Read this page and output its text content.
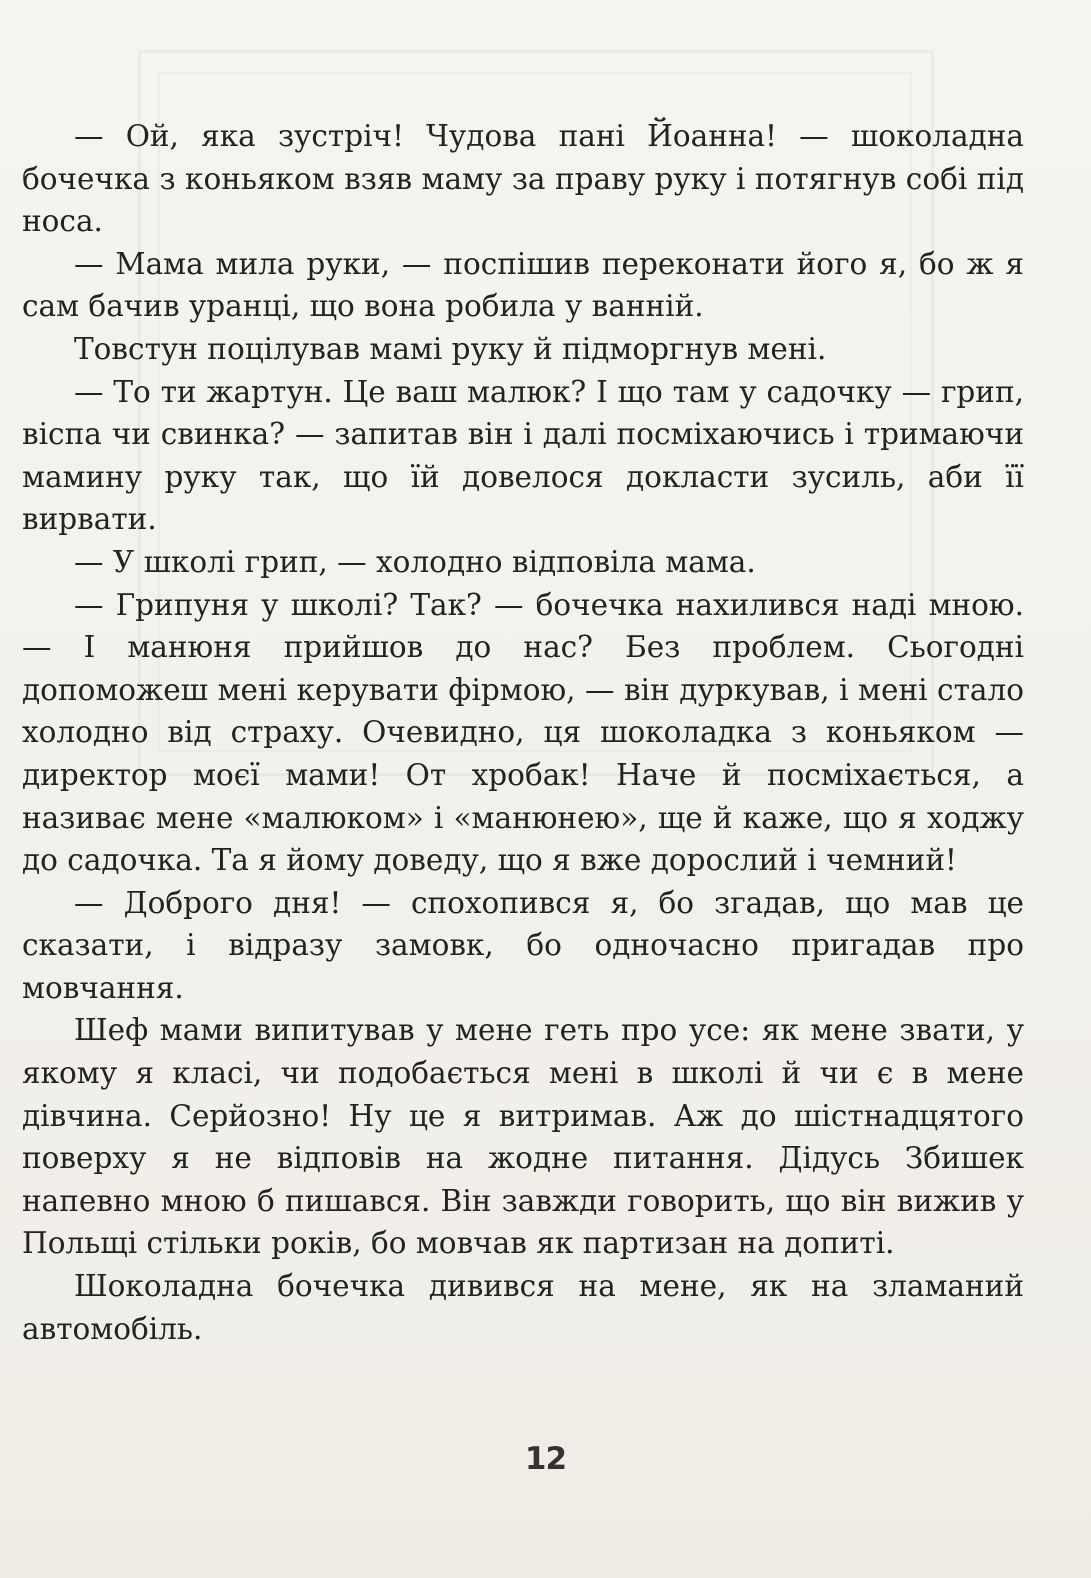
— Ой, яка зустріч! Чудова пані Йоанна! — шоколадна бочечка з коньяком взяв маму за праву руку і потягнув собі під носа.

— Мама мила руки, — поспішив переконати його я, бо ж я сам бачив уранці, що вона робила у ванній.

Товстун поцілував мамі руку й підморгнув мені.

— То ти жартун. Це ваш малюк? І що там у садочку — грип, віспа чи свинка? — запитав він і далі посміхаючись і тримаючи мамину руку так, що їй довелося докласти зусиль, аби її вирвати.

— У школі грип, — холодно відповіла мама.

— Грипуня у школі? Так? — бочечка нахилився наді мною. — І манюня прийшов до нас? Без проблем. Сьогодні допоможеш мені керувати фірмою, — він дуркував, і мені стало холодно від страху. Очевидно, ця шоколадка з коньяком — директор моєї мами! От хробак! Наче й посміхається, а називає мене «малюком» і «манюнею», ще й каже, що я ходжу до садочка. Та я йому доведу, що я вже дорослий і чемний!

— Доброго дня! — спохопився я, бо згадав, що мав це сказати, і відразу замовк, бо одночасно пригадав про мовчання.

Шеф мами випитував у мене геть про усе: як мене звати, у якому я класі, чи подобається мені в школі й чи є в мене дівчина. Серйозно! Ну це я витримав. Аж до шістнадцятого поверху я не відповів на жодне питання. Дідусь Збишек напевно мною б пишався. Він завжди говорить, що він вижив у Польщі стільки років, бо мовчав як партизан на допиті.

Шоколадна бочечка дивився на мене, як на зламаний автомобіль.

12
